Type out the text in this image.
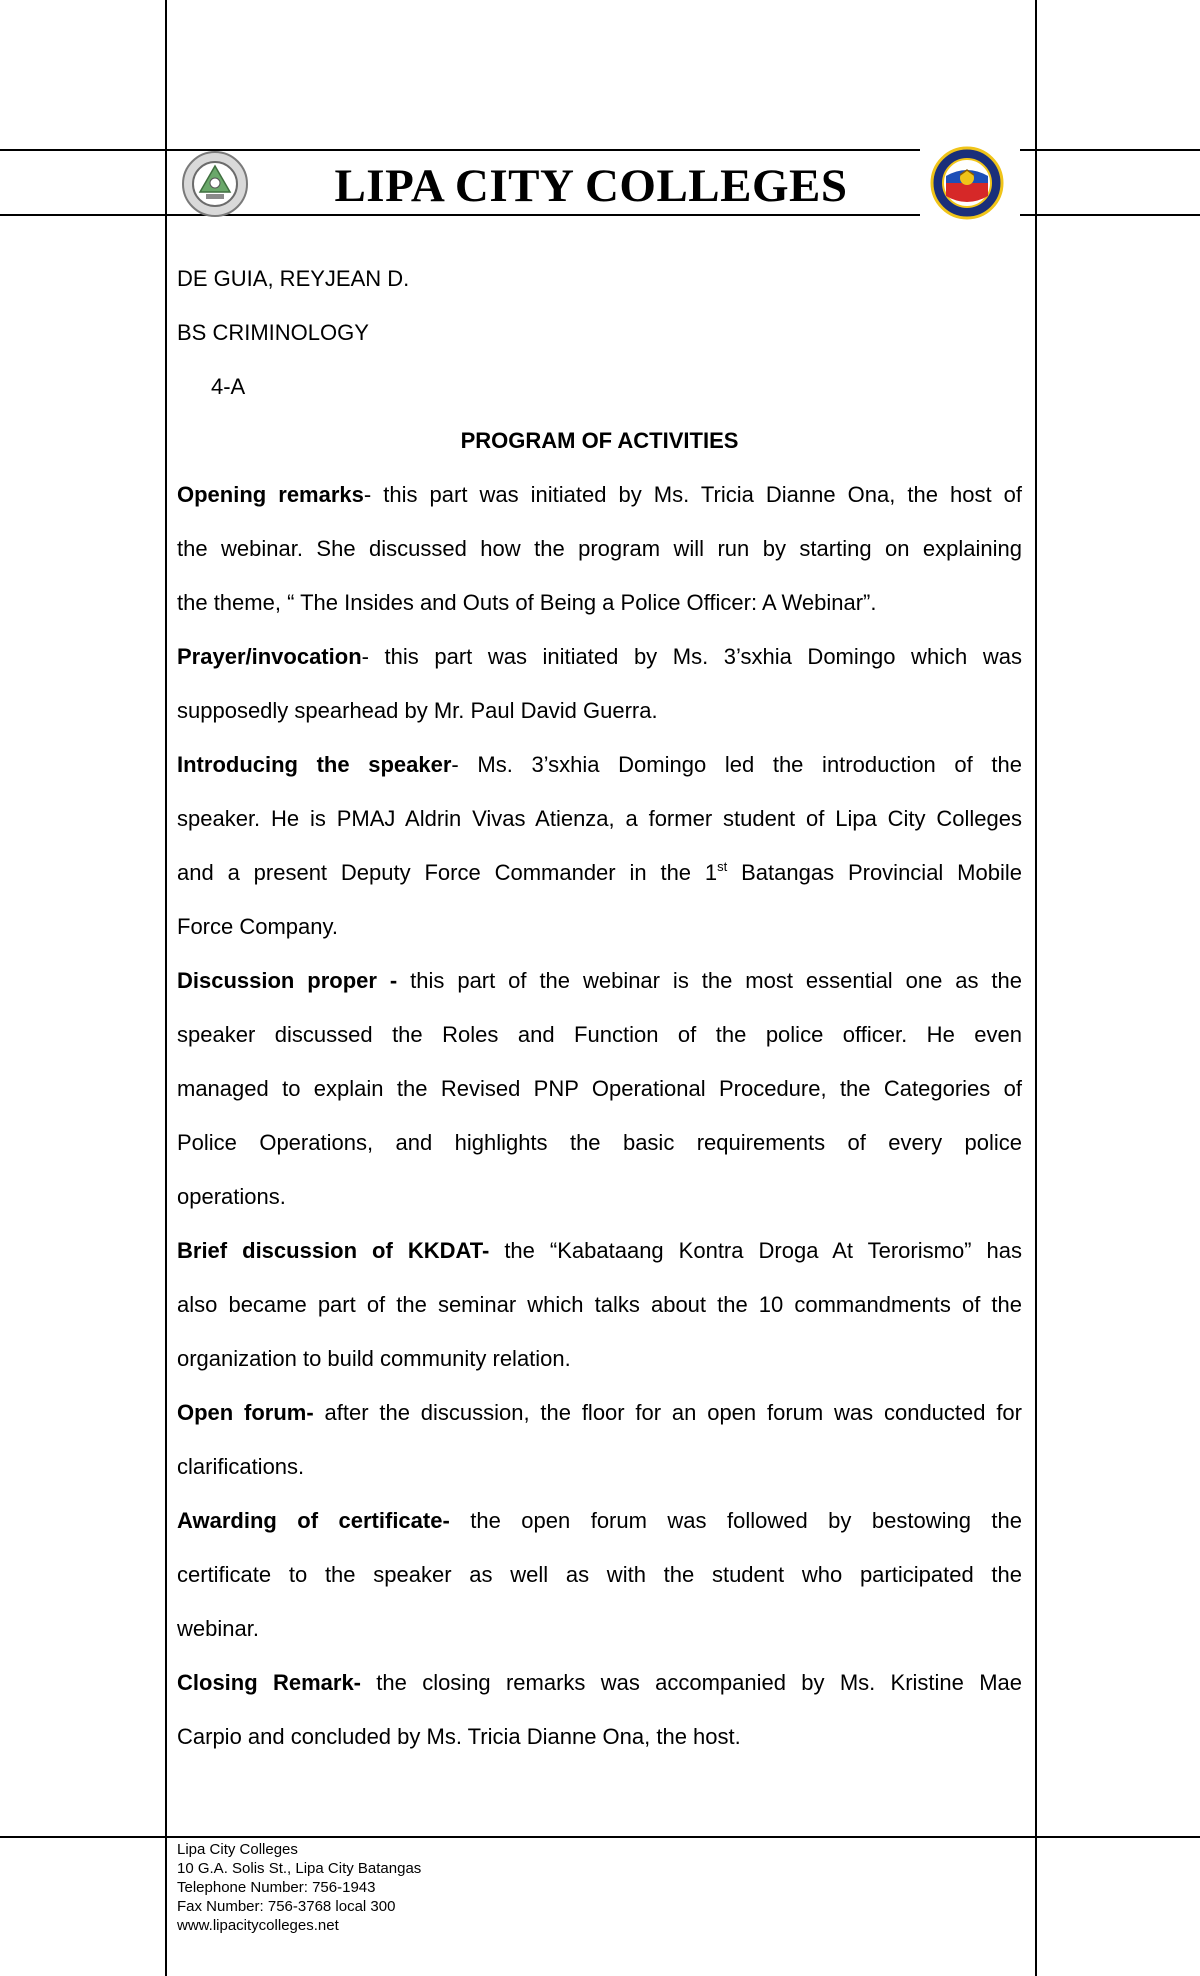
LIPA CITY COLLEGES
DE GUIA, REYJEAN D.
BS CRIMINOLOGY
4-A
PROGRAM OF ACTIVITIES
Opening remarks- this part was initiated by Ms. Tricia Dianne Ona, the host of
the webinar. She discussed how the program will run by starting on explaining
the theme, “ The Insides and Outs of Being a Police Officer: A Webinar”.
Prayer/invocation- this part was initiated by Ms. 3’sxhia Domingo which was
supposedly spearhead by Mr. Paul David Guerra.
Introducing the speaker- Ms. 3’sxhia Domingo led the introduction of the
speaker. He is PMAJ Aldrin Vivas Atienza, a former student of Lipa City Colleges
and a present Deputy Force Commander in the 1st Batangas Provincial Mobile
Force Company.
Discussion proper - this part of the webinar is the most essential one as the
speaker discussed the Roles and Function of the police officer. He even
managed to explain the Revised PNP Operational Procedure, the Categories of
Police Operations, and highlights the basic requirements of every police
operations.
Brief discussion of KKDAT- the “Kabataang Kontra Droga At Terorismo” has
also became part of the seminar which talks about the 10 commandments of the
organization to build community relation.
Open forum- after the discussion, the floor for an open forum was conducted for
clarifications.
Awarding of certificate- the open forum was followed by bestowing the
certificate to the speaker as well as with the student who participated the
webinar.
Closing Remark- the closing remarks was accompanied by Ms. Kristine Mae
Carpio and concluded by Ms. Tricia Dianne Ona, the host.
Lipa City Colleges
10 G.A. Solis St., Lipa City Batangas
Telephone Number: 756-1943
Fax Number: 756-3768 local 300
www.lipacitycolleges.net
